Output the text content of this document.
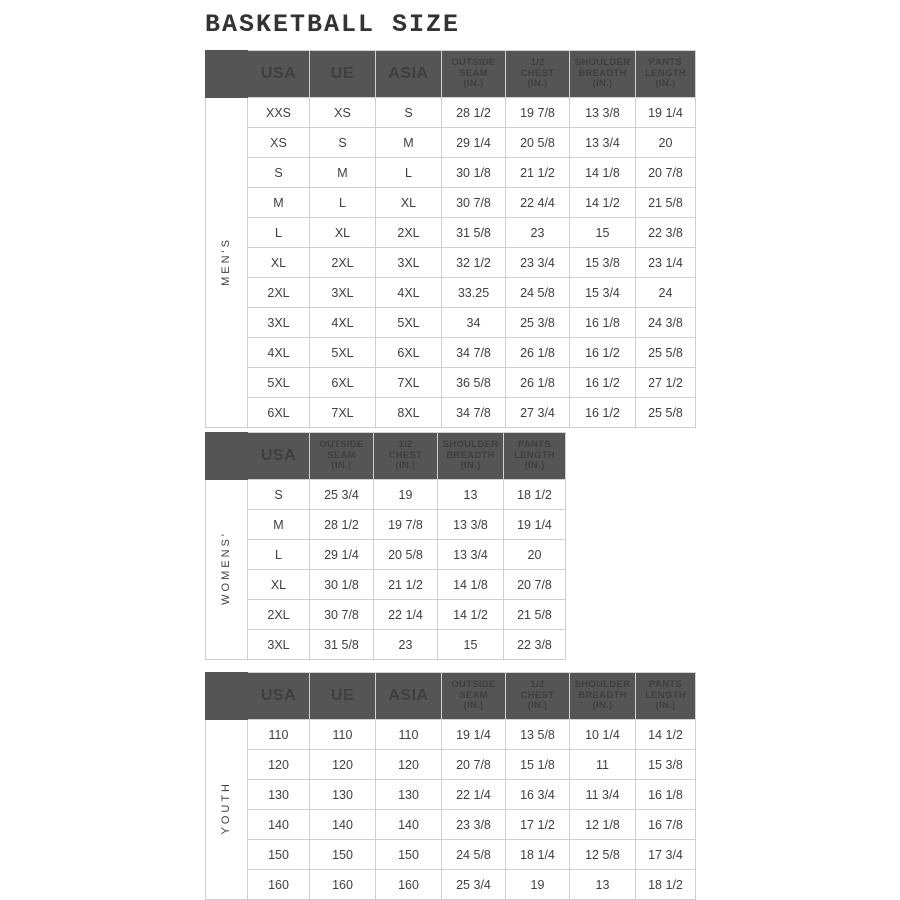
BASKETBALL SIZE
	USA	UE	ASIA	OUTSIDE
SEAM
(IN.)	1/2
CHEST
(IN.)	SHOULDER
BREADTH
(IN.)	PANTS
LENGTH
(IN.)
MEN'S	XXS	XS	S	28 1/2	19 7/8	13 3/8	19 1/4
	XS	S	M	29 1/4	20 5/8	13 3/4	20
	S	M	L	30 1/8	21 1/2	14 1/8	20 7/8
	M	L	XL	30 7/8	22 4/4	14 1/2	21 5/8
	L	XL	2XL	31 5/8	23	15	22 3/8
	XL	2XL	3XL	32 1/2	23 3/4	15 3/8	23 1/4
	2XL	3XL	4XL	33.25	24 5/8	15 3/4	24
	3XL	4XL	5XL	34	25 3/8	16 1/8	24 3/8
	4XL	5XL	6XL	34 7/8	26 1/8	16 1/2	25 5/8
	5XL	6XL	7XL	36 5/8	26 1/8	16 1/2	27 1/2
	6XL	7XL	8XL	34 7/8	27 3/4	16 1/2	25 5/8
	USA	OUTSIDE
SEAM
(IN.)	1/2
CHEST
(IN.)	SHOULDER
BREADTH
(IN.)	PANTS
LENGTH
(IN.)
WOMENS'	S	25 3/4	19	13	18 1/2
	M	28 1/2	19 7/8	13 3/8	19 1/4
	L	29 1/4	20 5/8	13 3/4	20
	XL	30 1/8	21 1/2	14 1/8	20 7/8
	2XL	30 7/8	22 1/4	14 1/2	21 5/8
	3XL	31 5/8	23	15	22 3/8
	USA	UE	ASIA	OUTSIDE
SEAM
(IN.)	1/2
CHEST
(IN.)	SHOULDER
BREADTH
(IN.)	PANTS
LENGTH
(IN.)
YOUTH	110	110	110	19 1/4	13 5/8	10 1/4	14 1/2
	120	120	120	20 7/8	15 1/8	11	15 3/8
	130	130	130	22 1/4	16 3/4	11 3/4	16 1/8
	140	140	140	23 3/8	17 1/2	12 1/8	16 7/8
	150	150	150	24 5/8	18 1/4	12 5/8	17 3/4
	160	160	160	25 3/4	19	13	18 1/2
